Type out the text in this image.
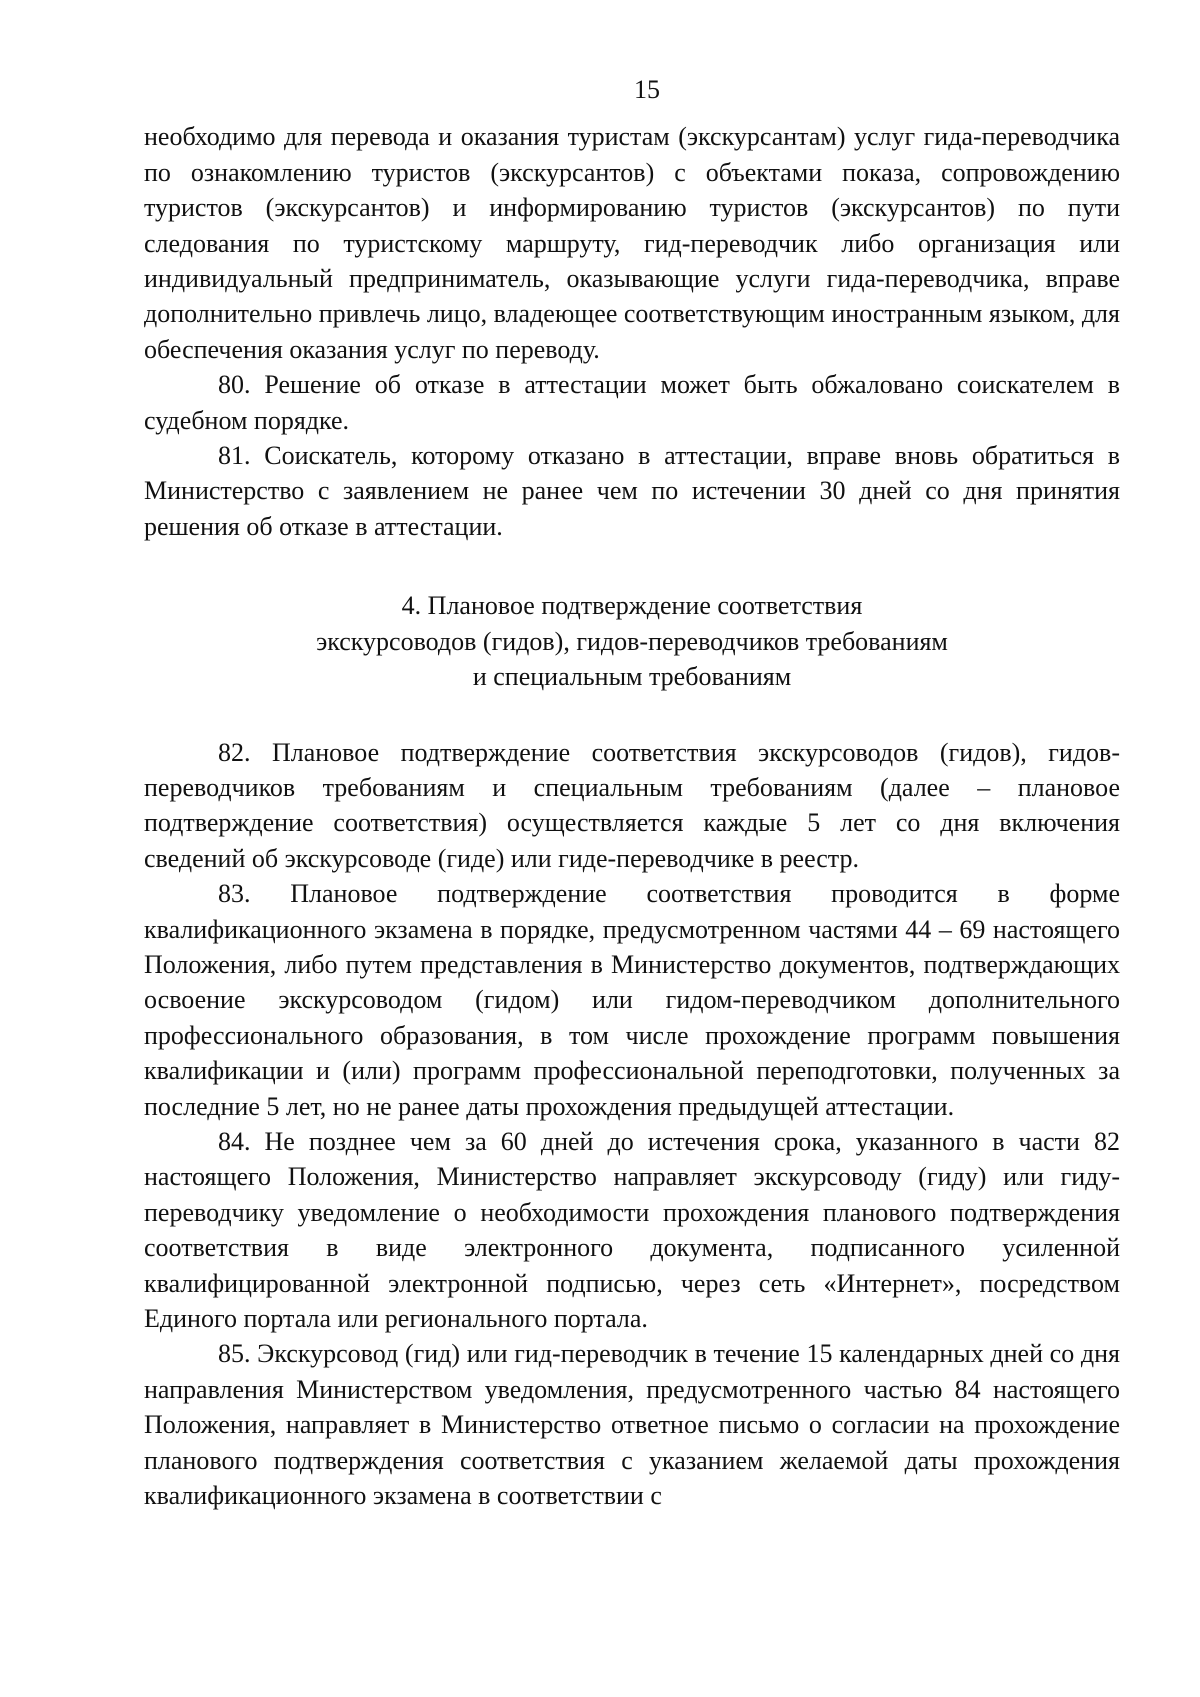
15

необходимо для перевода и оказания туристам (экскурсантам) услуг гида-переводчика по ознакомлению туристов (экскурсантов) с объектами показа, сопровождению туристов (экскурсантов) и информированию туристов (экскурсантов) по пути следования по туристскому маршруту, гид-переводчик либо организация или индивидуальный предприниматель, оказывающие услуги гида-переводчика, вправе дополнительно привлечь лицо, владеющее соответствующим иностранным языком, для обеспечения оказания услуг по переводу.

80. Решение об отказе в аттестации может быть обжаловано соискателем в судебном порядке.

81. Соискатель, которому отказано в аттестации, вправе вновь обратиться в Министерство с заявлением не ранее чем по истечении 30 дней со дня принятия решения об отказе в аттестации.

4. Плановое подтверждение соответствия
экскурсоводов (гидов), гидов-переводчиков требованиям
и специальным требованиям

82. Плановое подтверждение соответствия экскурсоводов (гидов), гидов-переводчиков требованиям и специальным требованиям (далее – плановое подтверждение соответствия) осуществляется каждые 5 лет со дня включения сведений об экскурсоводе (гиде) или гиде-переводчике в реестр.

83. Плановое подтверждение соответствия проводится в форме квалификационного экзамена в порядке, предусмотренном частями 44 – 69 настоящего Положения, либо путем представления в Министерство документов, подтверждающих освоение экскурсоводом (гидом) или гидом-переводчиком дополнительного профессионального образования, в том числе прохождение программ повышения квалификации и (или) программ профессиональной переподготовки, полученных за последние 5 лет, но не ранее даты прохождения предыдущей аттестации.

84. Не позднее чем за 60 дней до истечения срока, указанного в части 82 настоящего Положения, Министерство направляет экскурсоводу (гиду) или гиду-переводчику уведомление о необходимости прохождения планового подтверждения соответствия в виде электронного документа, подписанного усиленной квалифицированной электронной подписью, через сеть «Интернет», посредством Единого портала или регионального портала.

85. Экскурсовод (гид) или гид-переводчик в течение 15 календарных дней со дня направления Министерством уведомления, предусмотренного частью 84 настоящего Положения, направляет в Министерство ответное письмо о согласии на прохождение планового подтверждения соответствия с указанием желаемой даты прохождения квалификационного экзамена в соответствии с
